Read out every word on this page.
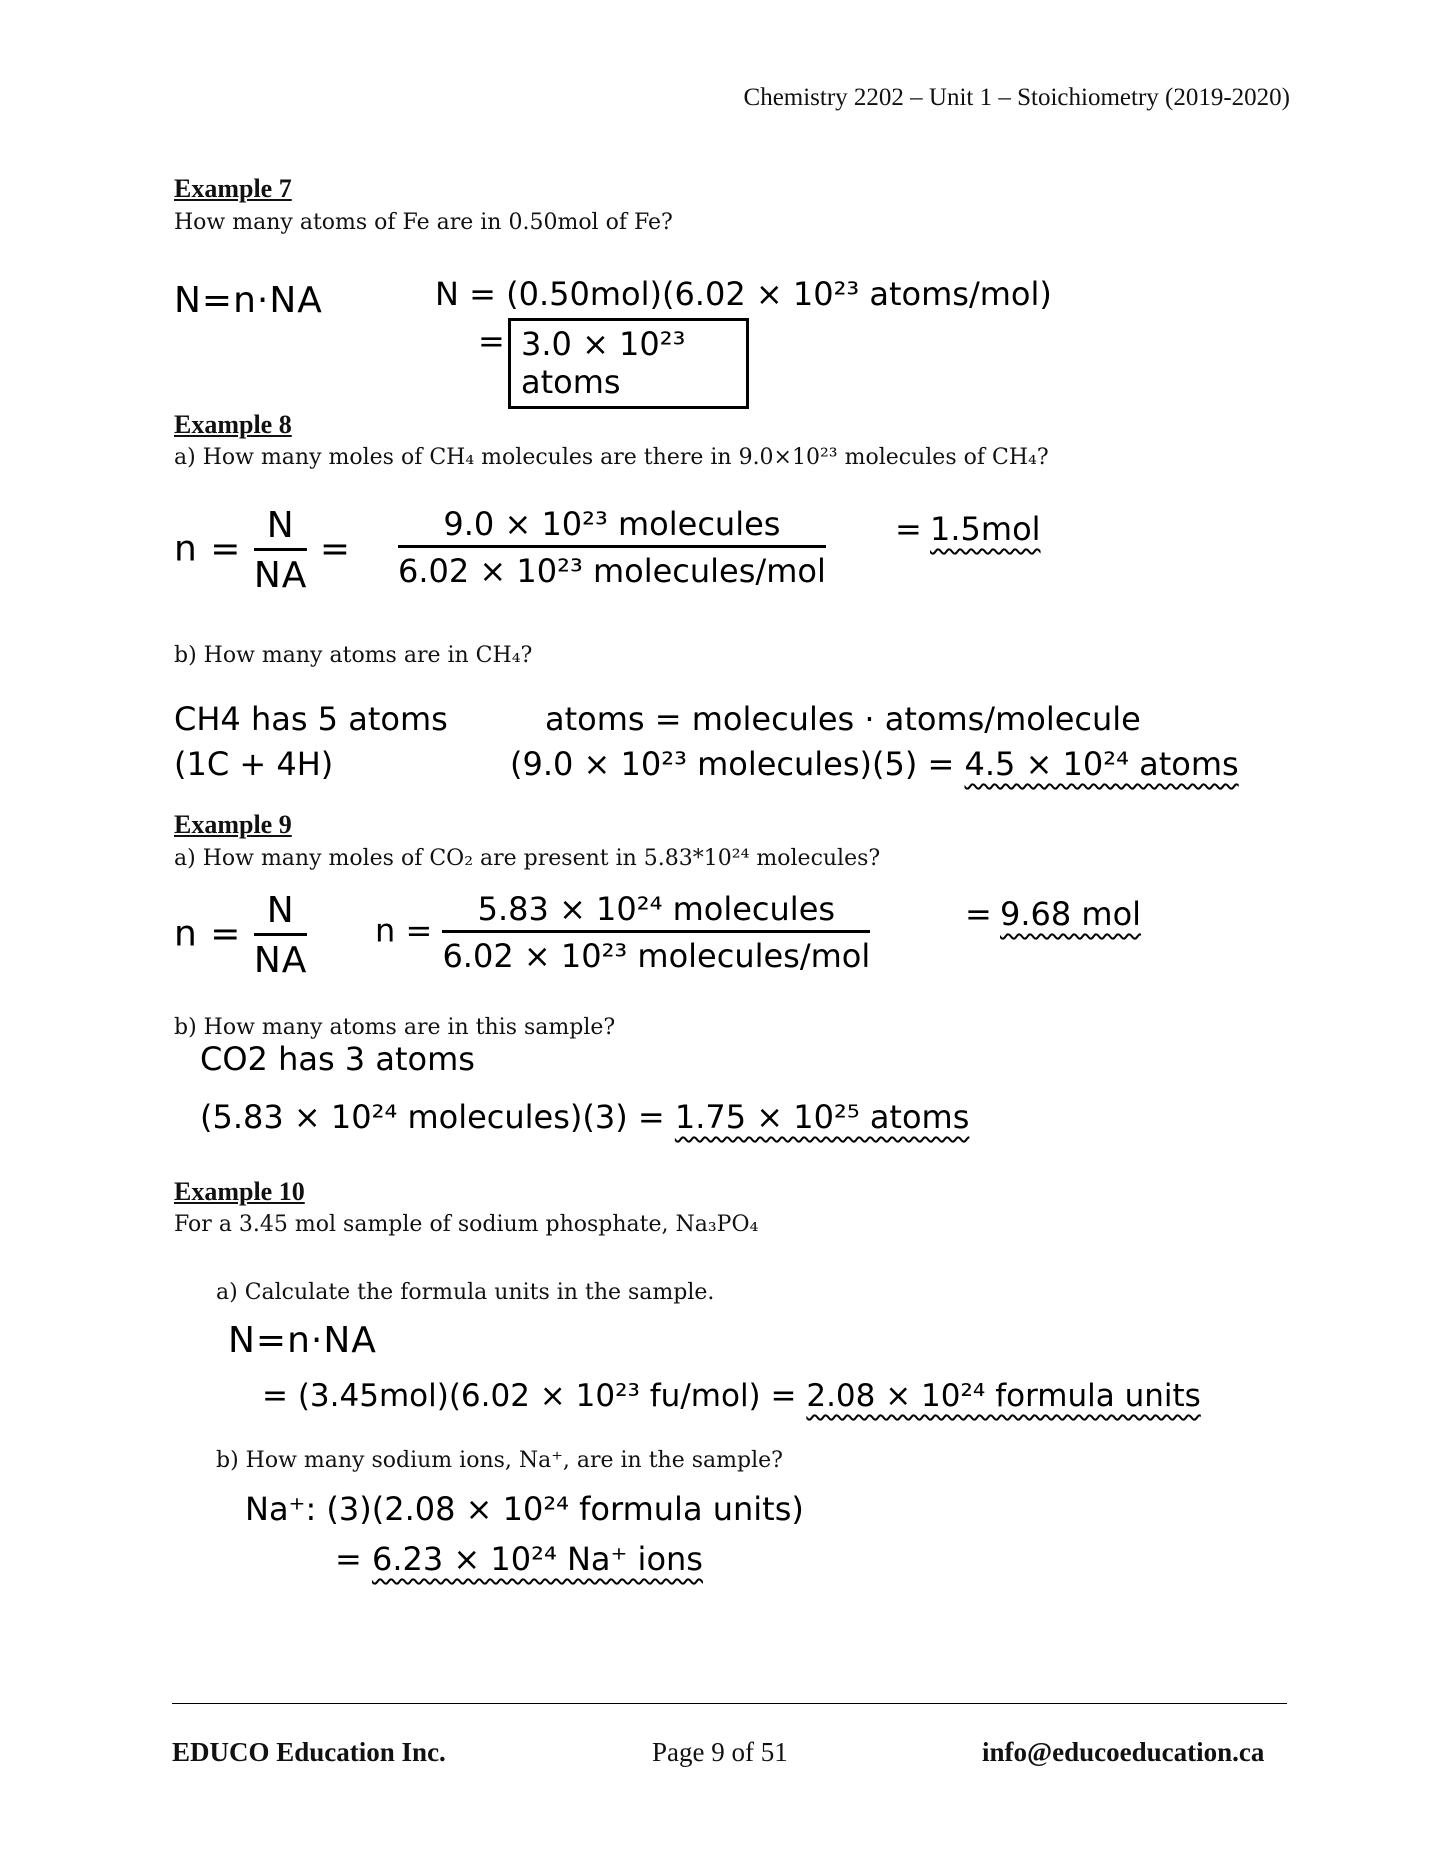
Chemistry 2202 – Unit 1 – Stoichiometry (2019-2020)
Example 7
How many atoms of Fe are in 0.50mol of Fe?
N=n·NA	N = (0.50mol)(6.02 × 10²³ atoms/mol)
= 3.0 × 10²³
atoms
Example 8
a) How many moles of CH₄ molecules are there in 9.0×10²³ molecules of CH₄?
$n = \frac{N}{NA} = \frac{\text{9.0 × 10²³ molecules}}{\text{6.02 × 10²³ molecules/mol}} = 1.5mol$
b) How many atoms are in CH₄?
CH4 has 5 atoms
(1C + 4H)
atoms = molecules · atoms/molecule
(9.0 × 10²³ molecules)(5) = 4.5 × 10²⁴ atoms
Example 9
a) How many moles of CO₂ are present in 5.83*10²⁴ molecules?
$n = \frac{N}{NA}$ $n = \frac{\text{5.83 × 10²⁴ molecules}}{\text{6.02 × 10²³ molecules/mol}}$	= 9.68 mol
b) How many atoms are in this sample?
CO2 has 3 atoms
(5.83 × 10²⁴ molecules)(3) = 1.75 × 10²⁵ atoms
Example 10
For a 3.45 mol sample of sodium phosphate, Na₃PO₄
a) Calculate the formula units in the sample.
N=n·NA
= (3.45mol)(6.02 × 10²³ fu/mol) = 2.08 × 10²⁴ formula units
b) How many sodium ions, Na⁺, are in the sample?
Na⁺: (3)(2.08 × 10²⁴ formula units)
= 6.23 × 10²⁴ Na⁺ ions
EDUCO Education Inc.	Page 9 of 51	info@educoeducation.ca
